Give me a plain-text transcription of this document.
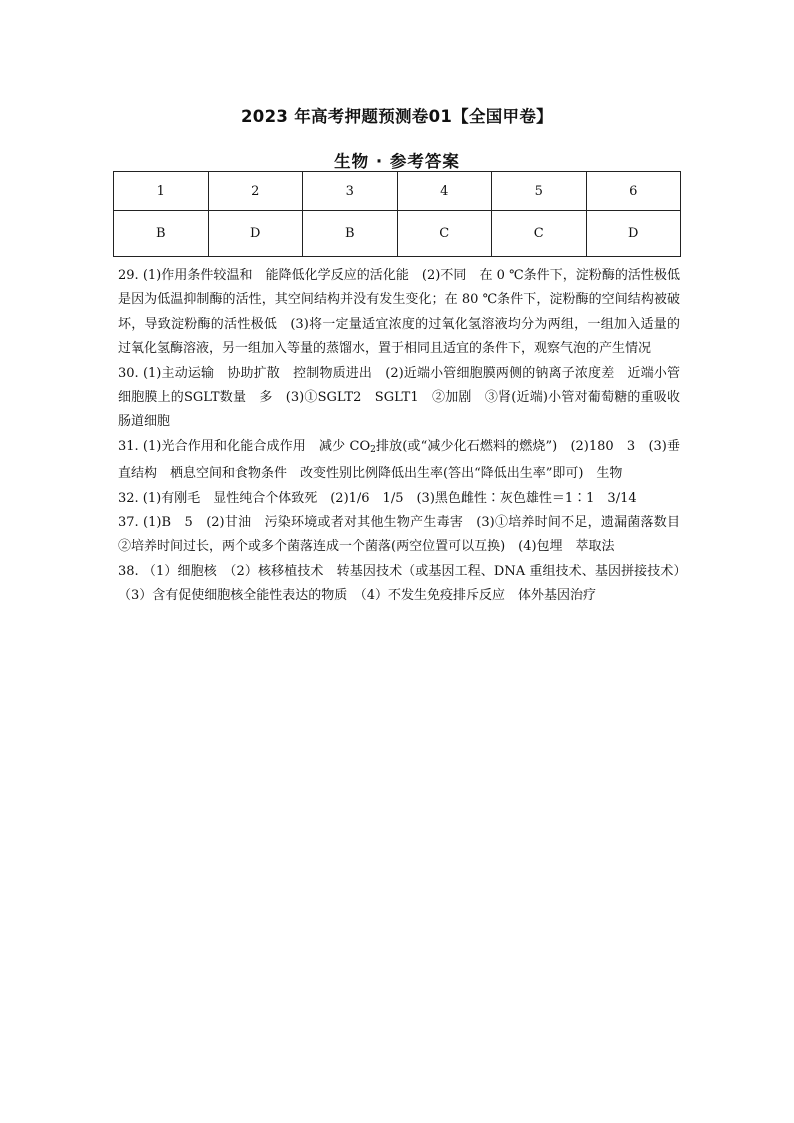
2023 年高考押题预测卷01【全国甲卷】
生物 · 参考答案
1	2	3	4	5	6
B	D	B	C	C	D

29. (1)作用条件较温和　能降低化学反应的活化能　(2)不同　在 0 ℃条件下，淀粉酶的活性极低是因为低温抑制酶的活性，其空间结构并没有发生变化；在 80 ℃条件下，淀粉酶的空间结构被破坏，导致淀粉酶的活性极低　(3)将一定量适宜浓度的过氧化氢溶液均分为两组，一组加入适量的过氧化氢酶溶液，另一组加入等量的蒸馏水，置于相同且适宜的条件下，观察气泡的产生情况

30. (1)主动运输　协助扩散　控制物质进出　(2)近端小管细胞膜两侧的钠离子浓度差　近端小管细胞膜上的SGLT数量　多　(3)①SGLT2　SGLT1　②加剧　③肾(近端)小管对葡萄糖的重吸收　肠道细胞

31. (1)光合作用和化能合成作用　减少 $CO_2$排放(或“减少化石燃料的燃烧”)　(2)180　3　(3)垂直结构　栖息空间和食物条件　改变性别比例降低出生率(答出“降低出生率”即可)　生物

32. (1)有刚毛　显性纯合个体致死　(2)1/6　1/5　(3)黑色雌性∶灰色雄性＝1∶1　3/14

37. (1)B　5　(2)甘油　污染环境或者对其他生物产生毒害　(3)①培养时间不足，遗漏菌落数目　②培养时间过长，两个或多个菌落连成一个菌落(两空位置可以互换)　(4)包埋　萃取法

38. （1）细胞核　（2）核移植技术　转基因技术（或基因工程、DNA 重组技术、基因拼接技术）　（3）含有促使细胞核全能性表达的物质　（4）不发生免疫排斥反应　体外基因治疗
